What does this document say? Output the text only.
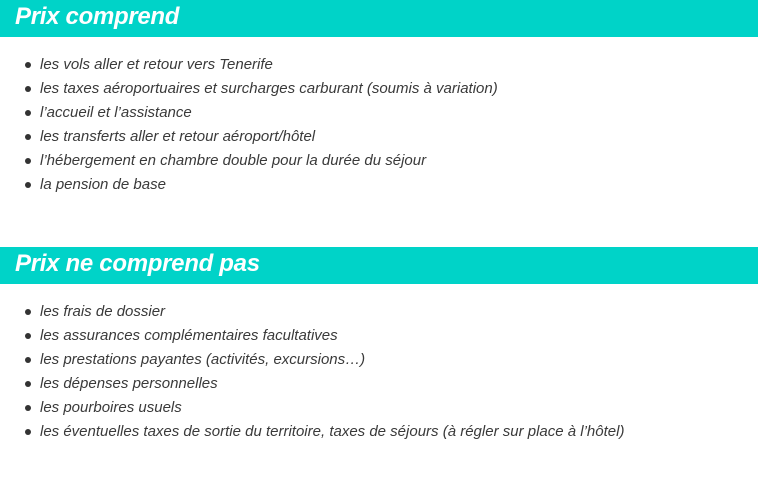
Prix comprend
les vols aller et retour vers Tenerife
les taxes aéroportuaires et surcharges carburant (soumis à variation)
l’accueil et l’assistance
les transferts aller et retour aéroport/hôtel
l’hébergement en chambre double pour la durée du séjour
la pension de base
Prix ne comprend pas
les frais de dossier
les assurances complémentaires facultatives
les prestations payantes (activités, excursions…)
les dépenses personnelles
les pourboires usuels
les éventuelles taxes de sortie du territoire, taxes de séjours (à régler sur place à l’hôtel)
